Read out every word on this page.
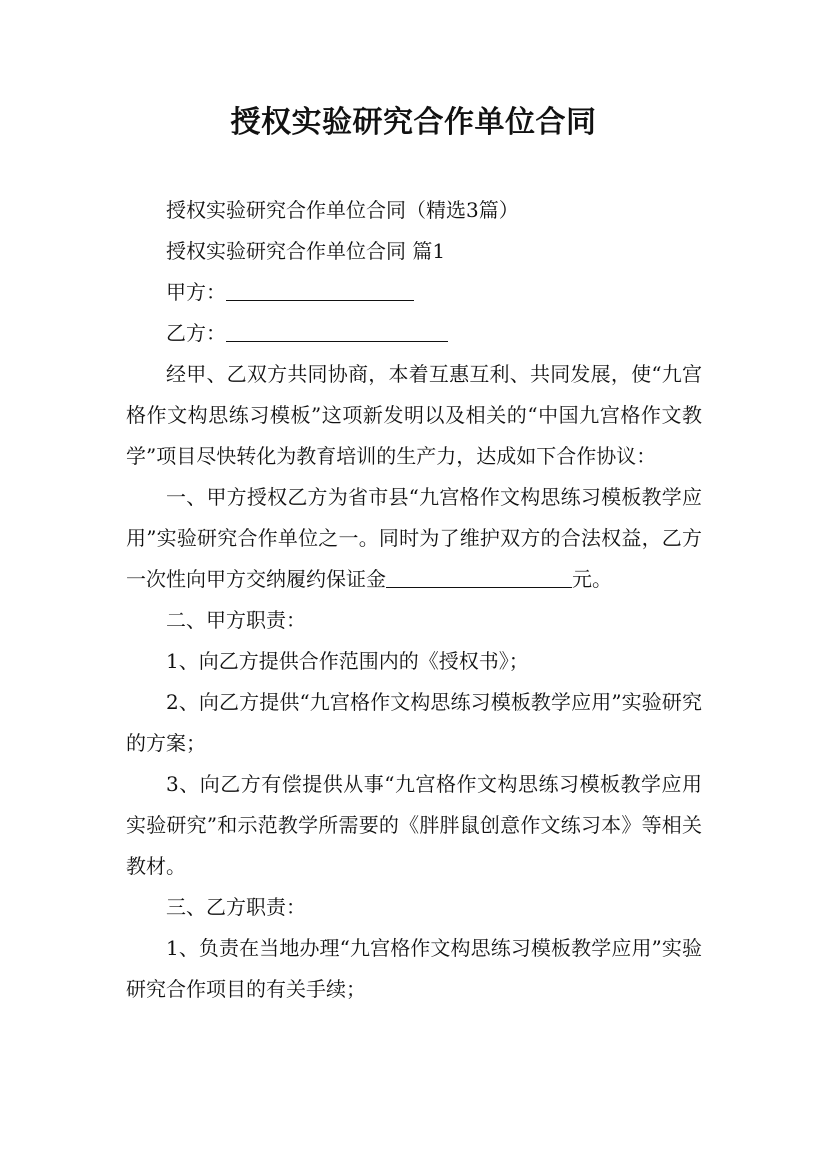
授权实验研究合作单位合同

授权实验研究合作单位合同（精选3篇）

授权实验研究合作单位合同 篇1

甲方：

乙方：

经甲、乙双方共同协商，本着互惠互利、共同发展，使“九宫格作文构思练习模板”这项新发明以及相关的“中国九宫格作文教学”项目尽快转化为教育培训的生产力，达成如下合作协议：

一、甲方授权乙方为省市县“九宫格作文构思练习模板教学应用”实验研究合作单位之一。同时为了维护双方的合法权益，乙方一次性向甲方交纳履约保证金	元。

二、甲方职责：

1、向乙方提供合作范围内的《授权书》；

2、向乙方提供“九宫格作文构思练习模板教学应用”实验研究的方案；

3、向乙方有偿提供从事“九宫格作文构思练习模板教学应用实验研究”和示范教学所需要的《胖胖鼠创意作文练习本》等相关教材。

三、乙方职责：

1、负责在当地办理“九宫格作文构思练习模板教学应用”实验研究合作项目的有关手续；
